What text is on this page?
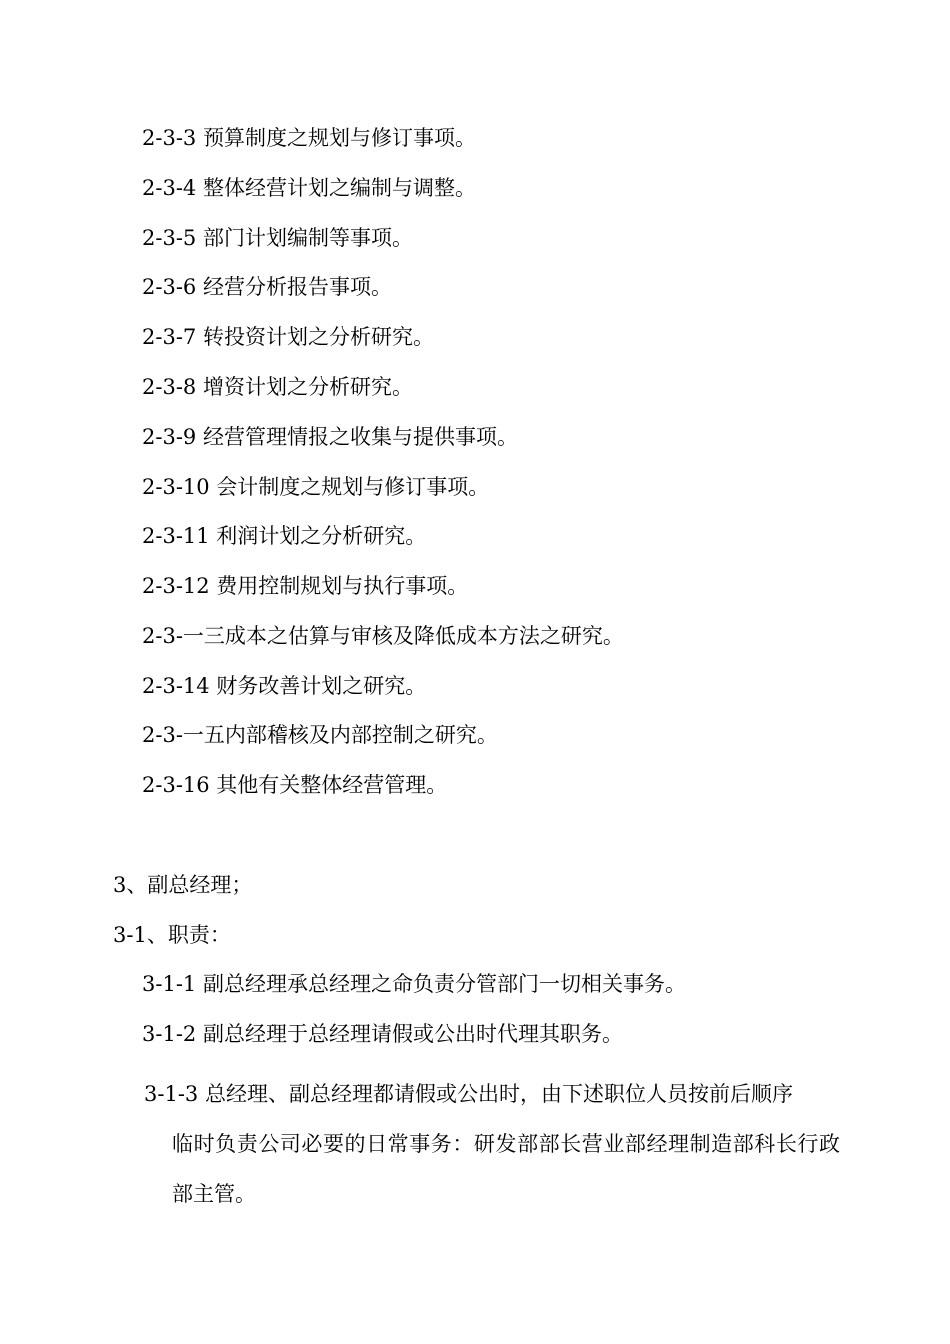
2-3-3 预算制度之规划与修订事项。

2-3-4 整体经营计划之编制与调整。

2-3-5 部门计划编制等事项。

2-3-6 经营分析报告事项。

2-3-7 转投资计划之分析研究。

2-3-8 增资计划之分析研究。

2-3-9 经营管理情报之收集与提供事项。

2-3-10 会计制度之规划与修订事项。

2-3-11 利润计划之分析研究。

2-3-12 费用控制规划与执行事项。

2-3-一三成本之估算与审核及降低成本方法之研究。

2-3-14 财务改善计划之研究。

2-3-一五内部稽核及内部控制之研究。

2-3-16 其他有关整体经营管理。

3、副总经理；

3-1、职责：

3-1-1 副总经理承总经理之命负责分管部门一切相关事务。

3-1-2 副总经理于总经理请假或公出时代理其职务。

3-1-3 总经理、副总经理都请假或公出时，由下述职位人员按前后顺序
临时负责公司必要的日常事务：研发部部长营业部经理制造部科长行政部主管。
